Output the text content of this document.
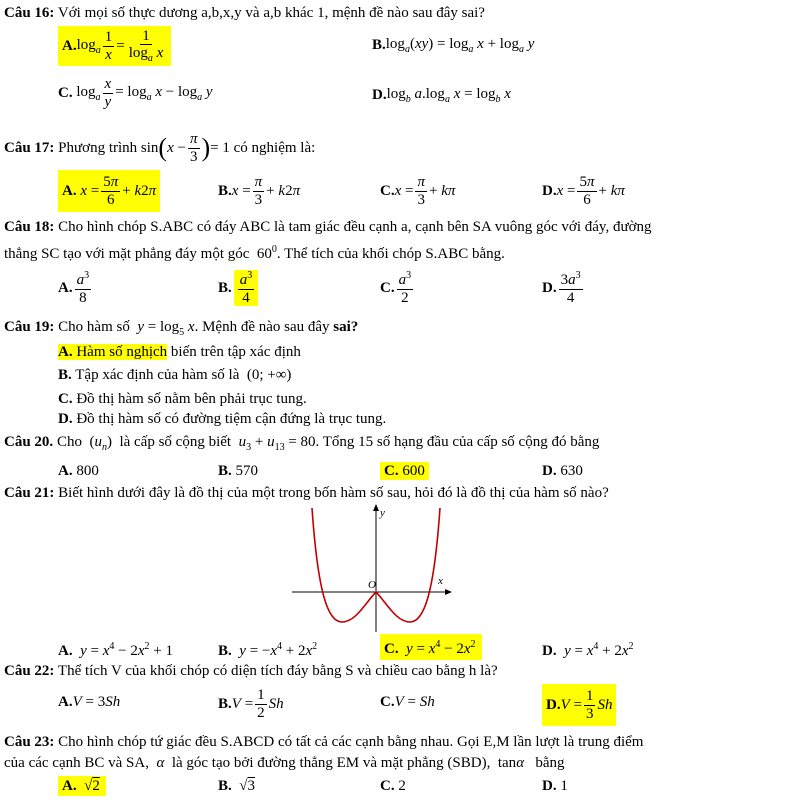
Câu 16: Với mọi số thực dương a,b,x,y và a,b khác 1, mệnh đề nào sau đây sai?
A. $\log_a \frac{1}{x} = \frac{1}{\log_a x}$	B. $\log_a(xy) = \log_a x + \log_a y$
C. $\log_a \frac{x}{y} = \log_a x - \log_a y$	D. $\log_b a.\log_a$ $x = \log_b x$
Câu 17:
Phương trình sin ( $x - \frac{\pi}{3}$ ) = 1 có nghiệm là:
A. $x = \frac{5\pi}{6} + k2\pi$	B. $x = \frac{\pi}{3} + k2\pi$	C. $x = \frac{\pi}{3} + k\pi$	D. $x = \frac{5\pi}{6} + k\pi$
Câu 18: Cho hình chóp S.ABC có đáy ABC là tam giác đều cạnh a, cạnh bên SA vuông góc với đáy, đường
thẳng SC tạo với mặt phẳng đáy một góc  $60^0$. Thể tích của khối chóp S.ABC bằng.
A. $\frac{a^3}{8}$	B. $\frac{a^3}{4}$	C. $\frac{a^3}{2}$	D. $\frac{3a^3}{4}$
Câu 19: Cho hàm số $y = \log_5 x$. Mệnh đề nào sau đây sai?
A. Hàm số nghịch biến trên tập xác định
B. Tập xác định của hàm số là  (0; +∞)
C. Đồ thị hàm số nằm bên phải trục tung.
D. Đồ thị hàm số có đường tiệm cận đứng là trục tung.
Câu 20. Cho  $(u_n)$  là cấp số cộng biết $u_3 + u_{13} = 80$. Tổng 15 số hạng đầu của cấp số cộng đó bằng
A. 800	B. 570	C. 600	D. 630
Câu 21: Biết hình dưới đây là đồ thị của một trong bốn hàm số sau, hỏi đó là đồ thị của hàm số nào?
y
x
O
A. $y = x^4 - 2x^2 + 1$	B. $y = -x^4 + 2x^2$	C. $y = x^4 - 2x^2$	D. $y = x^4 + 2x^2$
Câu 22: Thể tích V của khối chóp có diện tích đáy bằng S và chiều cao bằng h là?
A. V = 3Sh	B. $V = \frac{1}{2}$ Sh	C. V = Sh	D. $V = \frac{1}{3}$ Sh
Câu 23: Cho hình chóp tứ giác đều S.ABCD có tất cả các cạnh bằng nhau. Gọi E,M lần lượt là trung điểm
của các cạnh BC và SA, α là góc tạo bởi đường thẳng EM và mặt phẳng (SBD),  tanα bằng
A.  √2	B.  √3	C. 2	D. 1
